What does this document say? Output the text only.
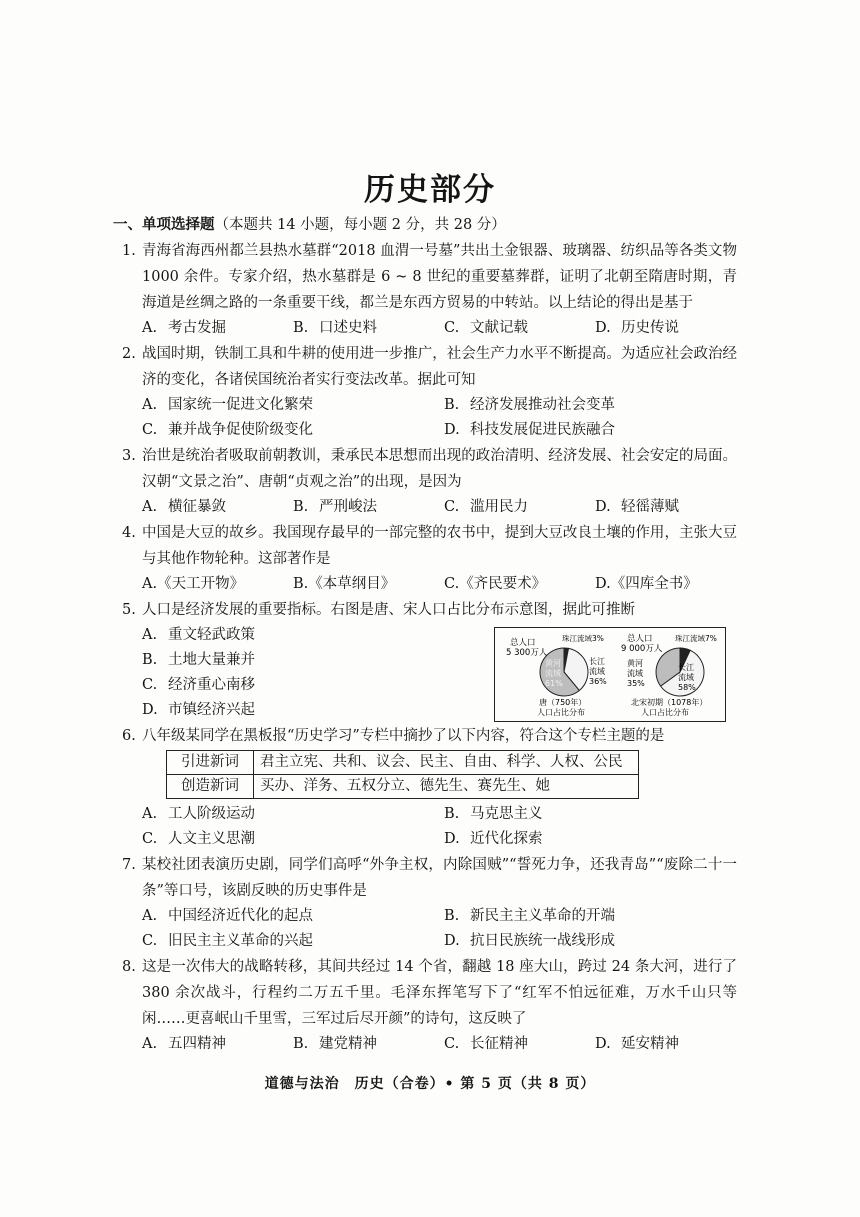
历史部分
一、单项选择题（本题共 14 小题，每小题 2 分，共 28 分）
1. 青海省海西州都兰县热水墓群“2018 血渭一号墓”共出土金银器、玻璃器、纺织品等各类文物 1000 余件。专家介绍，热水墓群是 6 ~ 8 世纪的重要墓葬群，证明了北朝至隋唐时期，青海道是丝绸之路的一条重要干线，都兰是东西方贸易的中转站。以上结论的得出是基于
A. 考古发掘	B. 口述史料	C. 文献记载	D. 历史传说
2. 战国时期，铁制工具和牛耕的使用进一步推广，社会生产力水平不断提高。为适应社会政治经济的变化，各诸侯国统治者实行变法改革。据此可知
A. 国家统一促进文化繁荣	B. 经济发展推动社会变革
C. 兼并战争促使阶级变化	D. 科技发展促进民族融合
3. 治世是统治者吸取前朝教训，秉承民本思想而出现的政治清明、经济发展、社会安定的局面。汉朝“文景之治”、唐朝“贞观之治”的出现，是因为
A. 横征暴敛	B. 严刑峻法	C. 滥用民力	D. 轻徭薄赋
4. 中国是大豆的故乡。我国现存最早的一部完整的农书中，提到大豆改良土壤的作用，主张大豆与其他作物轮种。这部著作是
A. 《天工开物》	B. 《本草纲目》	C. 《齐民要术》	D. 《四库全书》
5. 人口是经济发展的重要指标。右图是唐、宋人口占比分布示意图，据此可推断
A. 重文轻武政策
B. 土地大量兼并
C. 经济重心南移
D. 市镇经济兴起
总人口
5 300万人
珠江流域3%
长江
流域
36%
黄河
流域
61%
唐（750年）
人口占比分布
总人口
9 000万人
珠江流域7%
黄河
流域
35%
长江
流域
58%
北宋初期（1078年）
人口占比分布
6. 八年级某同学在黑板报“历史学习”专栏中摘抄了以下内容，符合这个专栏主题的是
引进新词	君主立宪、共和、议会、民主、自由、科学、人权、公民
创造新词	买办、洋务、五权分立、德先生、赛先生、她
A. 工人阶级运动	B. 马克思主义
C. 人文主义思潮	D. 近代化探索
7. 某校社团表演历史剧，同学们高呼“外争主权，内除国贼”“誓死力争，还我青岛”“废除二十一条”等口号，该剧反映的历史事件是
A. 中国经济近代化的起点	B. 新民主主义革命的开端
C. 旧民主主义革命的兴起	D. 抗日民族统一战线形成
8. 这是一次伟大的战略转移，其间共经过 14 个省，翻越 18 座大山，跨过 24 条大河，进行了 380 余次战斗，行程约二万五千里。毛泽东挥笔写下了“红军不怕远征难，万水千山只等闲……更喜岷山千里雪，三军过后尽开颜”的诗句，这反映了
A. 五四精神	B. 建党精神	C. 长征精神	D. 延安精神
道德与法治　历史（合卷）• 第 5 页（共 8 页）
